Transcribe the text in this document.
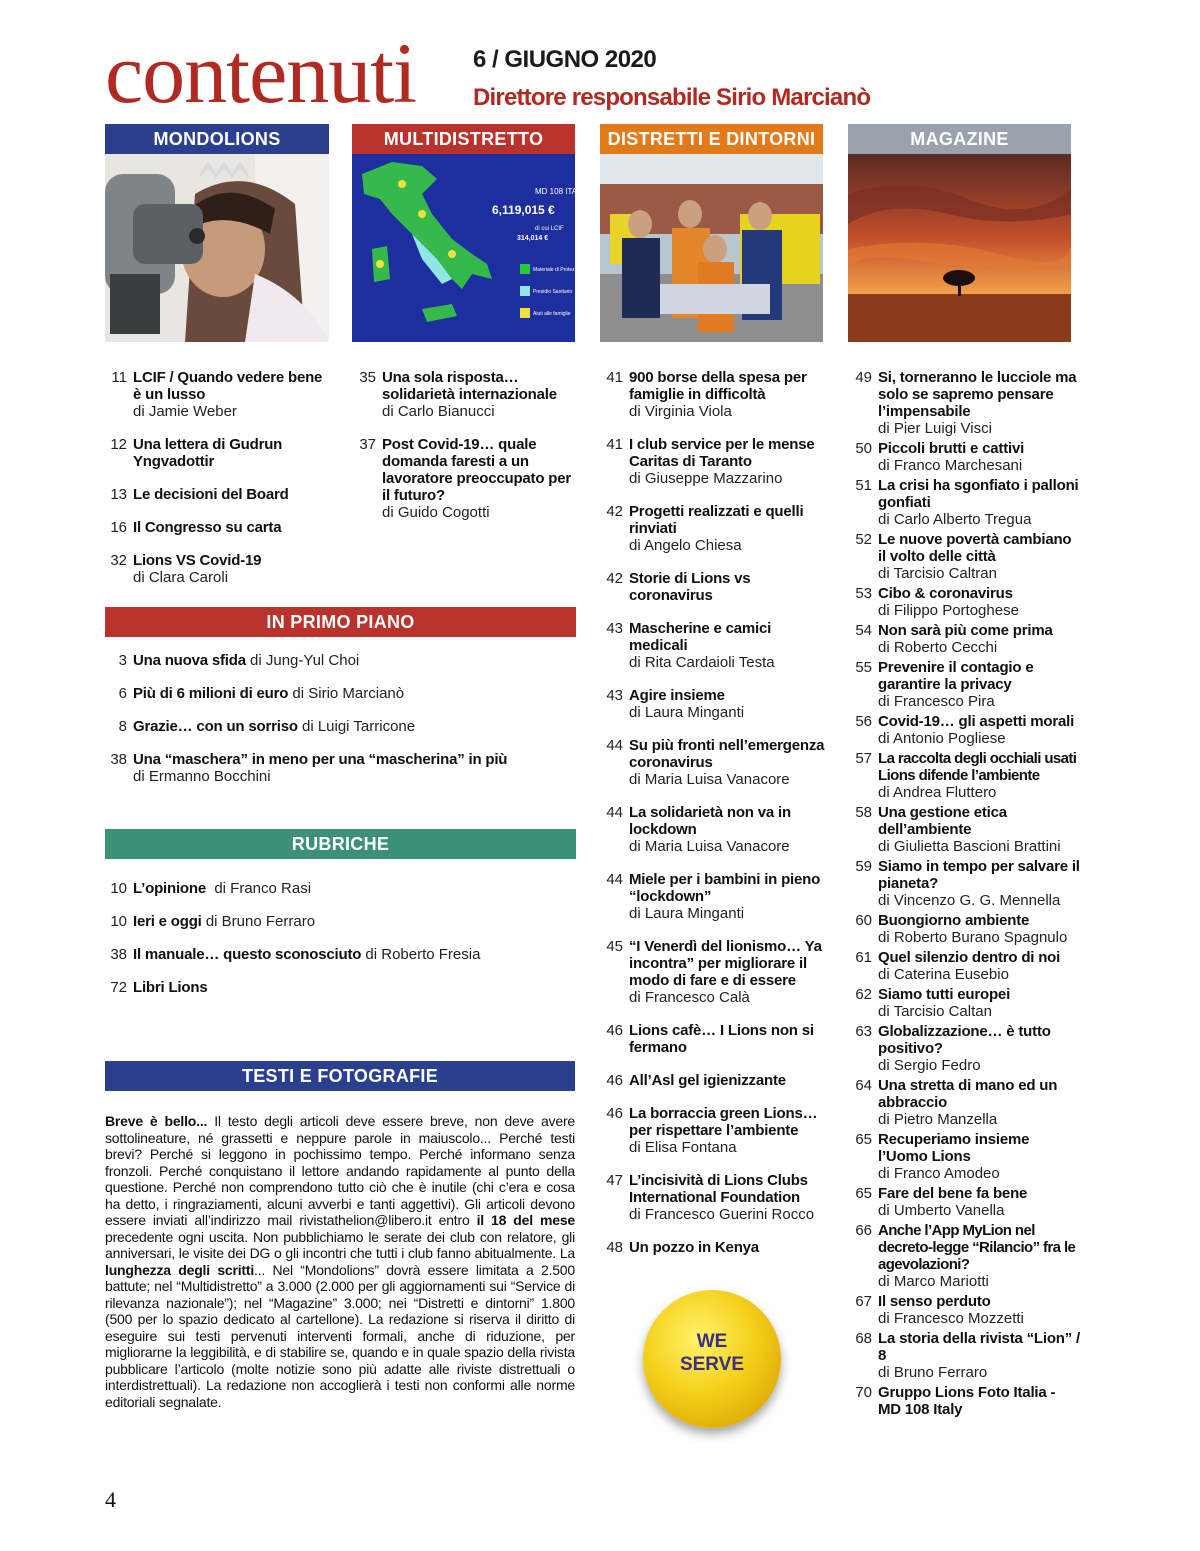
contenuti 6 / GIUGNO 2020
Direttore responsabile Sirio Marcianò
MONDOLIONS	MULTIDISTRETTO	DISTRETTI E DINTORNI	MAGAZINE
MD 108 ITALIA
6,119,015 €
di cui LCIF
314,014 €
Materiale di Protezione
Presidio Sanitario
Aiuti alle famiglie
11 LCIF / Quando vedere bene è un lusso
di Jamie Weber
12 Una lettera di Gudrun Yngvadottir
13 Le decisioni del Board
16 Il Congresso su carta
32 Lions VS Covid-19
di Clara Caroli
35 Una sola risposta… solidarietà internazionale
di Carlo Bianucci
37 Post Covid-19… quale domanda faresti a un lavoratore preoccupato per il futuro?
di Guido Cogotti
IN PRIMO PIANO
3 Una nuova sfida di Jung-Yul Choi
6 Più di 6 milioni di euro di Sirio Marcianò
8 Grazie… con un sorriso di Luigi Tarricone
38 Una “maschera” in meno per una “mascherina” in più
di Ermanno Bocchini
RUBRICHE
10 L’opinione di Franco Rasi
10 Ieri e oggi di Bruno Ferraro
38 Il manuale… questo sconosciuto di Roberto Fresia
72 Libri Lions
TESTI E FOTOGRAFIE
Breve è bello... Il testo degli articoli deve essere breve, non deve avere sottolineature, né grassetti e neppure parole in maiuscolo... Perché testi brevi? Perché si leggono in pochissimo tempo. Perché informano senza fronzoli. Perché conquistano il lettore andando rapidamente al punto della questione. Perché non comprendono tutto ciò che è inutile (chi c’era e cosa ha detto, i ringraziamenti, alcuni avverbi e tanti aggettivi). Gli articoli devono essere inviati all’indirizzo mail rivistathelion@libero.it entro il 18 del mese precedente ogni uscita. Non pubblichiamo le serate dei club con relatore, gli anniversari, le visite dei DG o gli incontri che tutti i club fanno abitualmente. La lunghezza degli scritti... Nel “Mondolions” dovrà essere limitata a 2.500 battute; nel “Multidistretto” a 3.000 (2.000 per gli aggiornamenti sui “Service di rilevanza nazionale”); nel “Magazine” 3.000; nei “Distretti e dintorni” 1.800 (500 per lo spazio dedicato al cartellone). La redazione si riserva il diritto di eseguire sui testi pervenuti interventi formali, anche di riduzione, per migliorarne la leggibilità, e di stabilire se, quando e in quale spazio della rivista pubblicare l’articolo (molte notizie sono più adatte alle riviste distrettuali o interdistrettuali). La redazione non accoglierà i testi non conformi alle norme editoriali segnalate.
41 900 borse della spesa per famiglie in difficoltà
di Virginia Viola
41 I club service per le mense Caritas di Taranto
di Giuseppe Mazzarino
42 Progetti realizzati e quelli rinviati
di Angelo Chiesa
42 Storie di Lions vs coronavirus
43 Mascherine e camici medicali
di Rita Cardaioli Testa
43 Agire insieme
di Laura Minganti
44 Su più fronti nell’emergenza coronavirus
di Maria Luisa Vanacore
44 La solidarietà non va in lockdown
di Maria Luisa Vanacore
44 Miele per i bambini in pieno “lockdown”
di Laura Minganti
45 “I Venerdì del lionismo… Ya incontra” per migliorare il modo di fare e di essere
di Francesco Calà
46 Lions cafè… I Lions non si fermano
46 All’Asl gel igienizzante
46 La borraccia green Lions… per rispettare l’ambiente
di Elisa Fontana
47 L’incisività di Lions Clubs International Foundation
di Francesco Guerini Rocco
48 Un pozzo in Kenya
WE
SERVE
49 Si, torneranno le lucciole ma solo se sapremo pensare l’impensabile
di Pier Luigi Visci
50 Piccoli brutti e cattivi
di Franco Marchesani
51 La crisi ha sgonfiato i palloni gonfiati
di Carlo Alberto Tregua
52 Le nuove povertà cambiano il volto delle città
di Tarcisio Caltran
53 Cibo & coronavirus
di Filippo Portoghese
54 Non sarà più come prima
di Roberto Cecchi
55 Prevenire il contagio e garantire la privacy
di Francesco Pira
56 Covid-19… gli aspetti morali
di Antonio Pogliese
57 La raccolta degli occhiali usati Lions difende l’ambiente
di Andrea Fluttero
58 Una gestione etica dell’ambiente
di Giulietta Bascioni Brattini
59 Siamo in tempo per salvare il pianeta?
di Vincenzo G. G. Mennella
60 Buongiorno ambiente
di Roberto Burano Spagnulo
61 Quel silenzio dentro di noi
di Caterina Eusebio
62 Siamo tutti europei
di Tarcisio Caltan
63 Globalizzazione… è tutto positivo?
di Sergio Fedro
64 Una stretta di mano ed un abbraccio
di Pietro Manzella
65 Recuperiamo insieme l’Uomo Lions
di Franco Amodeo
65 Fare del bene fa bene
di Umberto Vanella
66 Anche l’App MyLion nel decreto-legge “Rilancio” fra le agevolazioni?
di Marco Mariotti
67 Il senso perduto
di Francesco Mozzetti
68 La storia della rivista “Lion” / 8
di Bruno Ferraro
70 Gruppo Lions Foto Italia - MD 108 Italy
4
